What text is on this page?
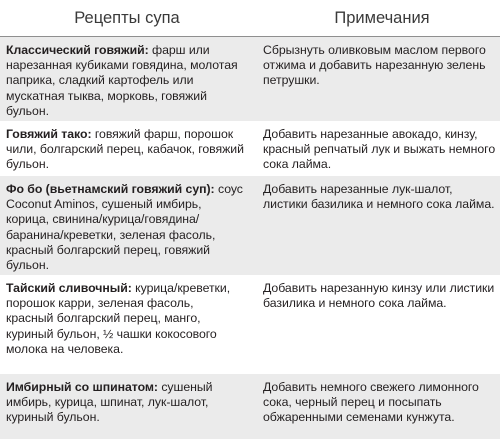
Рецепты супа	Примечания
Классический говяжий: фарш или нарезанная кубиками говядина, молотая паприка, сладкий картофель или мускатная тыква, морковь, говяжий бульон.
Сбрызнуть оливковым маслом первого отжима и добавить нарезанную зелень петрушки.
Говяжий тако: говяжий фарш, порошок чили, болгарский перец, кабачок, говяжий бульон.
Добавить нарезанные авокадо, кинзу, красный репчатый лук и выжать немного сока лайма.
Фо бо (вьетнамский говяжий суп): соус Coconut Aminos, сушеный имбирь, корица, свинина/курица/говядина/баранина/креветки, зеленая фасоль, красный болгарский перец, говяжий бульон.
Добавить нарезанные лук-шалот, листики базилика и немного сока лайма.
Тайский сливочный: курица/креветки, порошок карри, зеленая фасоль, красный болгарский перец, манго, куриный бульон, ½ чашки кокосового молока на человека.
Добавить нарезанную кинзу или листики базилика и немного сока лайма.
Имбирный со шпинатом: сушеный имбирь, курица, шпинат, лук-шалот, куриный бульон.
Добавить немного свежего лимонного сока, черный перец и посыпать обжаренными семенами кунжута.
